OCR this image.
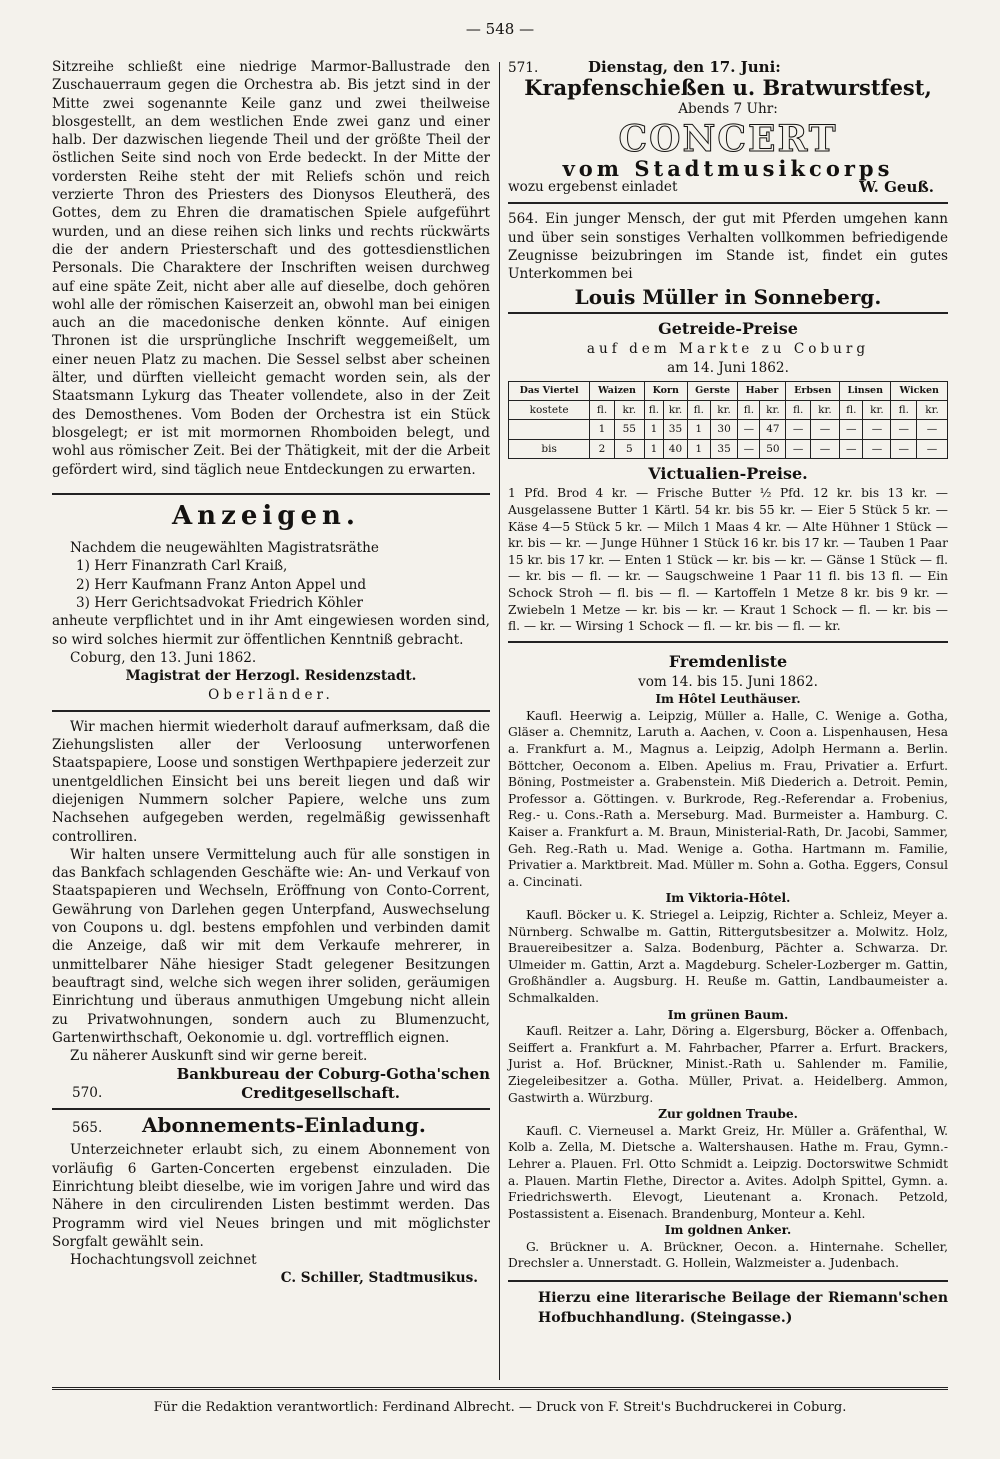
— 548 —

Sitzreihe schließt eine niedrige Marmor-Ballustrade den Zuschauerraum gegen die Orchestra ab. Bis jetzt sind in der Mitte zwei sogenannte Keile ganz und zwei theilweise blosgestellt, an dem westlichen Ende zwei ganz und einer halb. Der dazwischen liegende Theil und der größte Theil der östlichen Seite sind noch von Erde bedeckt. In der Mitte der vordersten Reihe steht der mit Reliefs schön und reich verzierte Thron des Priesters des Dionysos Eleutherä, des Gottes, dem zu Ehren die dramatischen Spiele aufgeführt wurden, und an diese reihen sich links und rechts rückwärts die der andern Priesterschaft und des gottesdienstlichen Personals. Die Charaktere der Inschriften weisen durchweg auf eine späte Zeit, nicht aber alle auf dieselbe, doch gehören wohl alle der römischen Kaiserzeit an, obwohl man bei einigen auch an die macedonische denken könnte. Auf einigen Thronen ist die ursprüngliche Inschrift weggemeißelt, um einer neuen Platz zu machen. Die Sessel selbst aber scheinen älter, und dürften vielleicht gemacht worden sein, als der Staatsmann Lykurg das Theater vollendete, also in der Zeit des Demosthenes. Vom Boden der Orchestra ist ein Stück blosgelegt; er ist mit mormornen Rhomboiden belegt, und wohl aus römischer Zeit. Bei der Thätigkeit, mit der die Arbeit gefördert wird, sind täglich neue Entdeckungen zu erwarten.

Anzeigen.

Nachdem die neugewählten Magistratsräthe

1) Herr Finanzrath Carl Kraiß,
2) Herr Kaufmann Franz Anton Appel und
3) Herr Gerichtsadvokat Friedrich Köhler

anheute verpflichtet und in ihr Amt eingewiesen worden sind, so wird solches hiermit zur öffentlichen Kenntniß gebracht.

Coburg, den 13. Juni 1862.

Magistrat der Herzogl. Residenzstadt.

Oberländer.

Wir machen hiermit wiederholt darauf aufmerksam, daß die Ziehungslisten aller der Verloosung unterworfenen Staatspapiere, Loose und sonstigen Werthpapiere jederzeit zur unentgeldlichen Einsicht bei uns bereit liegen und daß wir diejenigen Nummern solcher Papiere, welche uns zum Nachsehen aufgegeben werden, regelmäßig gewissenhaft controlliren.

Wir halten unsere Vermittelung auch für alle sonstigen in das Bankfach schlagenden Geschäfte wie: An- und Verkauf von Staatspapieren und Wechseln, Eröffnung von Conto-Corrent, Gewährung von Darlehen gegen Unterpfand, Auswechselung von Coupons u. dgl. bestens empfohlen und verbinden damit die Anzeige, daß wir mit dem Verkaufe mehrerer, in unmittelbarer Nähe hiesiger Stadt gelegener Besitzungen beauftragt sind, welche sich wegen ihrer soliden, geräumigen Einrichtung und überaus anmuthigen Umgebung nicht allein zu Privatwohnungen, sondern auch zu Blumenzucht, Gartenwirthschaft, Oekonomie u. dgl. vortrefflich eignen.

Zu näherer Auskunft sind wir gerne bereit.

Bankbureau der Coburg-Gotha'schen

570.	Creditgesellschaft.
565.	Abonnements-Einladung.

Unterzeichneter erlaubt sich, zu einem Abonnement von vorläufig 6 Garten-Concerten ergebenst einzuladen. Die Einrichtung bleibt dieselbe, wie im vorigen Jahre und wird das Nähere in den circulirenden Listen bestimmt werden. Das Programm wird viel Neues bringen und mit möglichster Sorgfalt gewählt sein.

Hochachtungsvoll zeichnet

C. Schiller, Stadtmusikus.

571.	Dienstag, den 17. Juni:
Krapfenschießen u. Bratwurstfest,
Abends 7 Uhr:
CONCERT
vom Stadtmusikcorps
wozu ergebenst einladet	W. Geuß.

564. Ein junger Mensch, der gut mit Pferden umgehen kann und über sein sonstiges Verhalten vollkommen befriedigende Zeugnisse beizubringen im Stande ist, findet ein gutes Unterkommen bei

Louis Müller in Sonneberg.
Getreide-Preise
auf dem Markte zu Coburg
am 14. Juni 1862.
Das Viertel	Waizen		Korn		Gerste		Haber		Erbsen		Linsen		Wicken	
kostete	fl.	kr.	fl.	kr.	fl.	kr.	fl.	kr.	fl.	kr.	fl.	kr.	fl.	kr.
	1	55	1	35	1	30	—	47	—	—	—	—	—	—
bis	2	5	1	40	1	35	—	50	—	—	—	—	—	—
Victualien-Preise.

1 Pfd. Brod 4 kr. — Frische Butter ½ Pfd. 12 kr. bis 13 kr. — Ausgelassene Butter 1 Kärtl. 54 kr. bis 55 kr. — Eier 5 Stück 5 kr. — Käse 4—5 Stück 5 kr. — Milch 1 Maas 4 kr. — Alte Hühner 1 Stück — kr. bis — kr. — Junge Hühner 1 Stück 16 kr. bis 17 kr. — Tauben 1 Paar 15 kr. bis 17 kr. — Enten 1 Stück — kr. bis — kr. — Gänse 1 Stück — fl. — kr. bis — fl. — kr. — Saugschweine 1 Paar 11 fl. bis 13 fl. — Ein Schock Stroh — fl. bis — fl. — Kartoffeln 1 Metze 8 kr. bis 9 kr. — Zwiebeln 1 Metze — kr. bis — kr. — Kraut 1 Schock — fl. — kr. bis — fl. — kr. — Wirsing 1 Schock — fl. — kr. bis — fl. — kr.

Fremdenliste
vom 14. bis 15. Juni 1862.
Im Hôtel Leuthäuser.

Kaufl. Heerwig a. Leipzig, Müller a. Halle, C. Wenige a. Gotha, Gläser a. Chemnitz, Laruth a. Aachen, v. Coon a. Lispenhausen, Hesa a. Frankfurt a. M., Magnus a. Leipzig, Adolph Hermann a. Berlin. Böttcher, Oeconom a. Elben. Apelius m. Frau, Privatier a. Erfurt. Böning, Postmeister a. Grabenstein. Miß Diederich a. Detroit. Pemin, Professor a. Göttingen. v. Burkrode, Reg.-Referendar a. Frobenius, Reg.- u. Cons.-Rath a. Merseburg. Mad. Burmeister a. Hamburg. C. Kaiser a. Frankfurt a. M. Braun, Ministerial-Rath, Dr. Jacobi, Sammer, Geh. Reg.-Rath u. Mad. Wenige a. Gotha. Hartmann m. Familie, Privatier a. Marktbreit. Mad. Müller m. Sohn a. Gotha. Eggers, Consul a. Cincinati.

Im Viktoria-Hôtel.

Kaufl. Böcker u. K. Striegel a. Leipzig, Richter a. Schleiz, Meyer a. Nürnberg. Schwalbe m. Gattin, Rittergutsbesitzer a. Molwitz. Holz, Brauereibesitzer a. Salza. Bodenburg, Pächter a. Schwarza. Dr. Ulmeider m. Gattin, Arzt a. Magdeburg. Scheler-Lozberger m. Gattin, Großhändler a. Augsburg. H. Reuße m. Gattin, Landbaumeister a. Schmalkalden.

Im grünen Baum.

Kaufl. Reitzer a. Lahr, Döring a. Elgersburg, Böcker a. Offenbach, Seiffert a. Frankfurt a. M. Fahrbacher, Pfarrer a. Erfurt. Brackers, Jurist a. Hof. Brückner, Minist.-Rath u. Sahlender m. Familie, Ziegeleibesitzer a. Gotha. Müller, Privat. a. Heidelberg. Ammon, Gastwirth a. Würzburg.

Zur goldnen Traube.

Kaufl. C. Vierneusel a. Markt Greiz, Hr. Müller a. Gräfenthal, W. Kolb a. Zella, M. Dietsche a. Waltershausen. Hathe m. Frau, Gymn.-Lehrer a. Plauen. Frl. Otto Schmidt a. Leipzig. Doctorswitwe Schmidt a. Plauen. Martin Flethe, Director a. Avites. Adolph Spittel, Gymn. a. Friedrichswerth. Elevogt, Lieutenant a. Kronach. Petzold, Postassistent a. Eisenach. Brandenburg, Monteur a. Kehl.

Im goldnen Anker.

G. Brückner u. A. Brückner, Oecon. a. Hinternahe. Scheller, Drechsler a. Unnerstadt. G. Hollein, Walzmeister a. Judenbach.

Hierzu eine literarische Beilage der Riemann'schen Hofbuchhandlung. (Steingasse.)

Für die Redaktion verantwortlich: Ferdinand Albrecht. — Druck von F. Streit's Buchdruckerei in Coburg.
